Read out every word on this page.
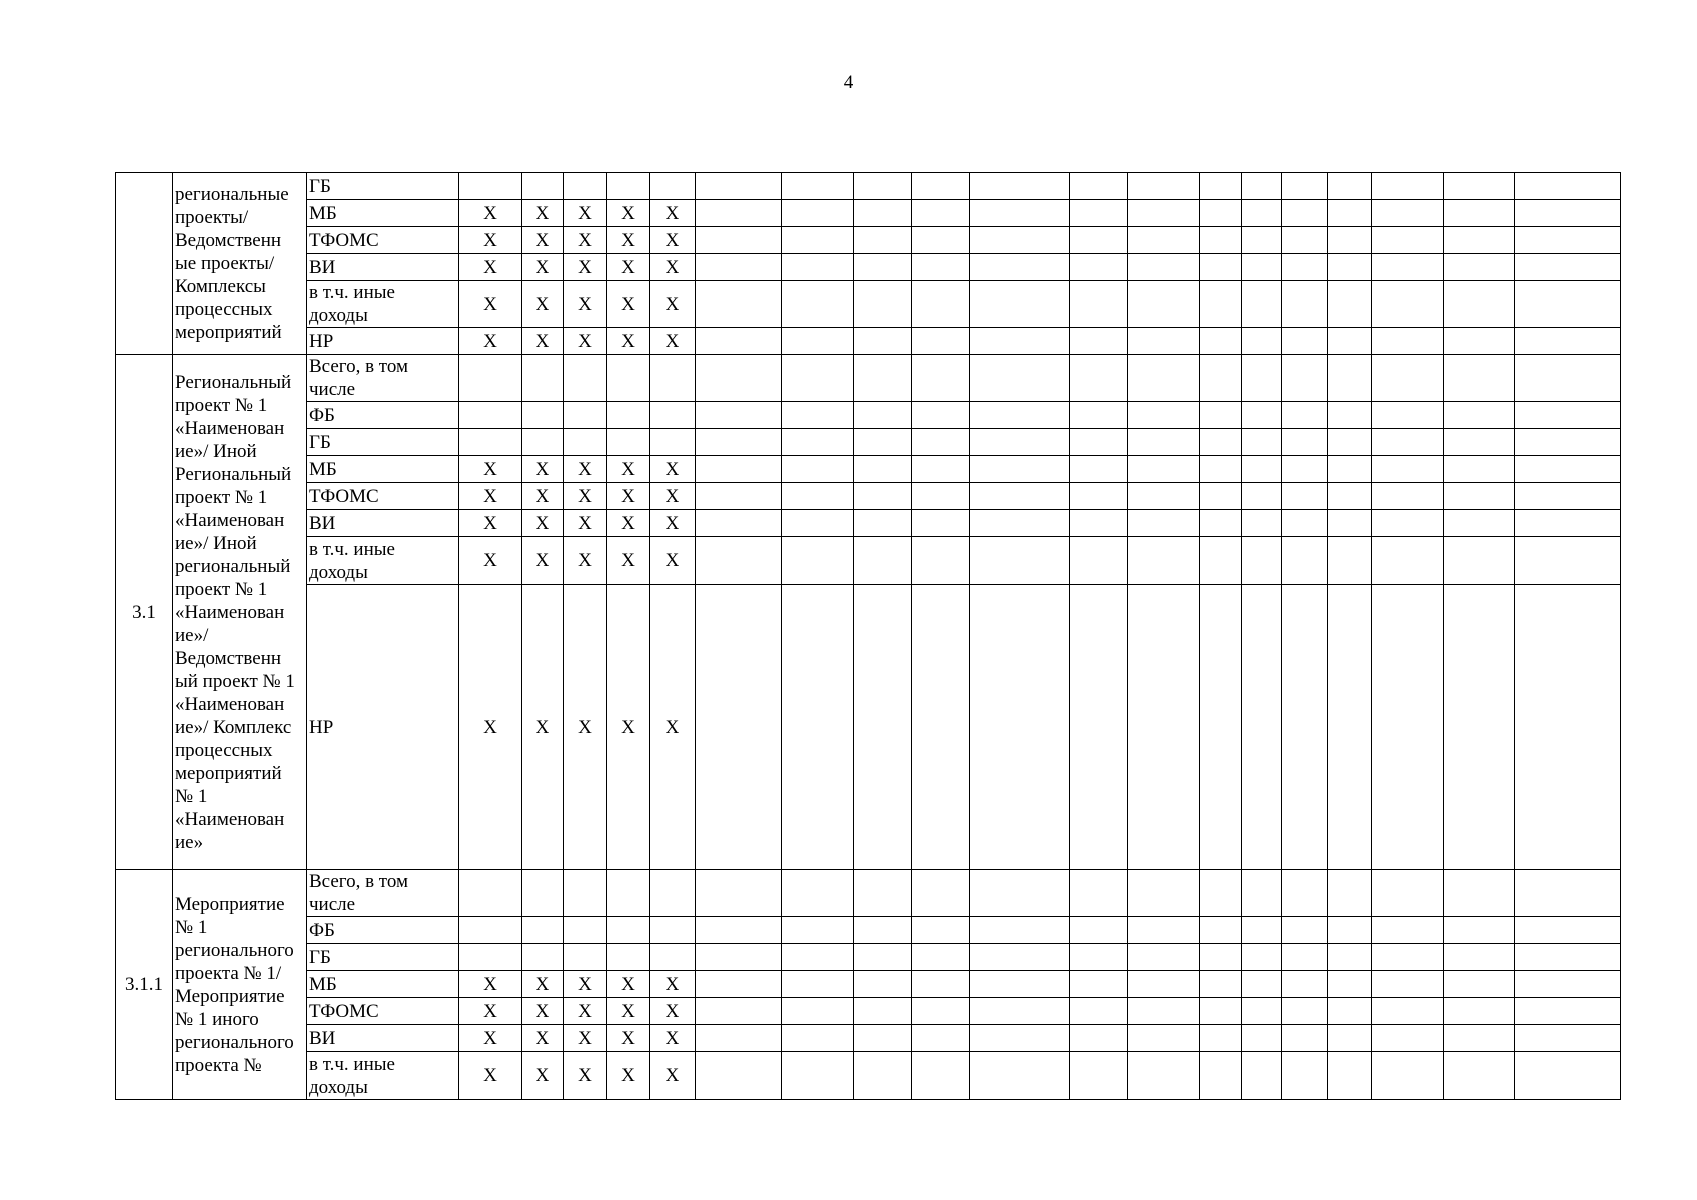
4
	региональные проекты/ Ведомственн ые проекты/ Комплексы процессных мероприятий	ГБ																			
		МБ	X	X	X	X	X														
		ТФОМС	X	X	X	X	X														
		ВИ	X	X	X	X	X														
		в т.ч. иные доходы	X	X	X	X	X														
		НР	X	X	X	X	X														
3.1	Региональный проект № 1 «Наименован ие»/ Иной Региональный проект № 1 «Наименован ие»/ Иной региональный проект № 1 «Наименован ие»/ Ведомственн ый проект № 1 «Наименован ие»/ Комплекс процессных мероприятий № 1 «Наименован ие»	Всего, в том числе																			
		ФБ																			
		ГБ																			
		МБ	X	X	X	X	X														
		ТФОМС	X	X	X	X	X														
		ВИ	X	X	X	X	X														
		в т.ч. иные доходы	X	X	X	X	X														
		НР	X	X	X	X	X														
3.1.1	Мероприятие № 1 регионального проекта № 1/ Мероприятие № 1 иного регионального проекта №	Всего, в том числе																			
		ФБ																			
		ГБ																			
		МБ	X	X	X	X	X														
		ТФОМС	X	X	X	X	X														
		ВИ	X	X	X	X	X														
		в т.ч. иные доходы	X	X	X	X	X														
